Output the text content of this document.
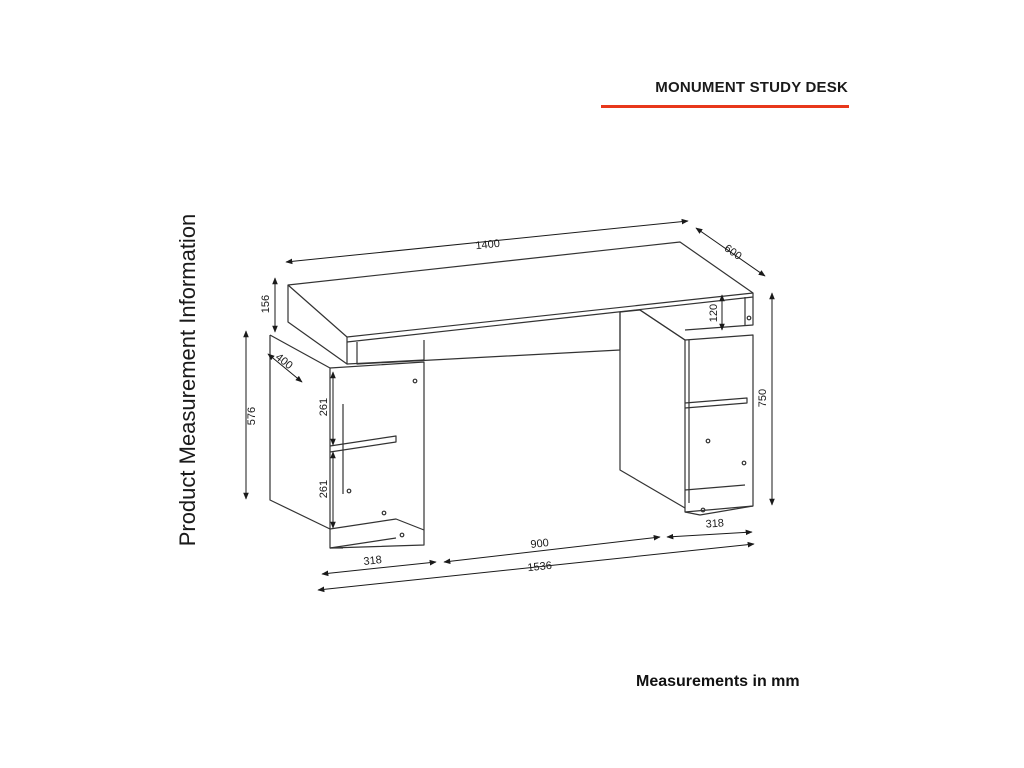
MONUMENT STUDY DESK
Product Measurement Information	1400	600
156	120
576
400
261
261
750
318
900
318	1536
Measurements in mm
